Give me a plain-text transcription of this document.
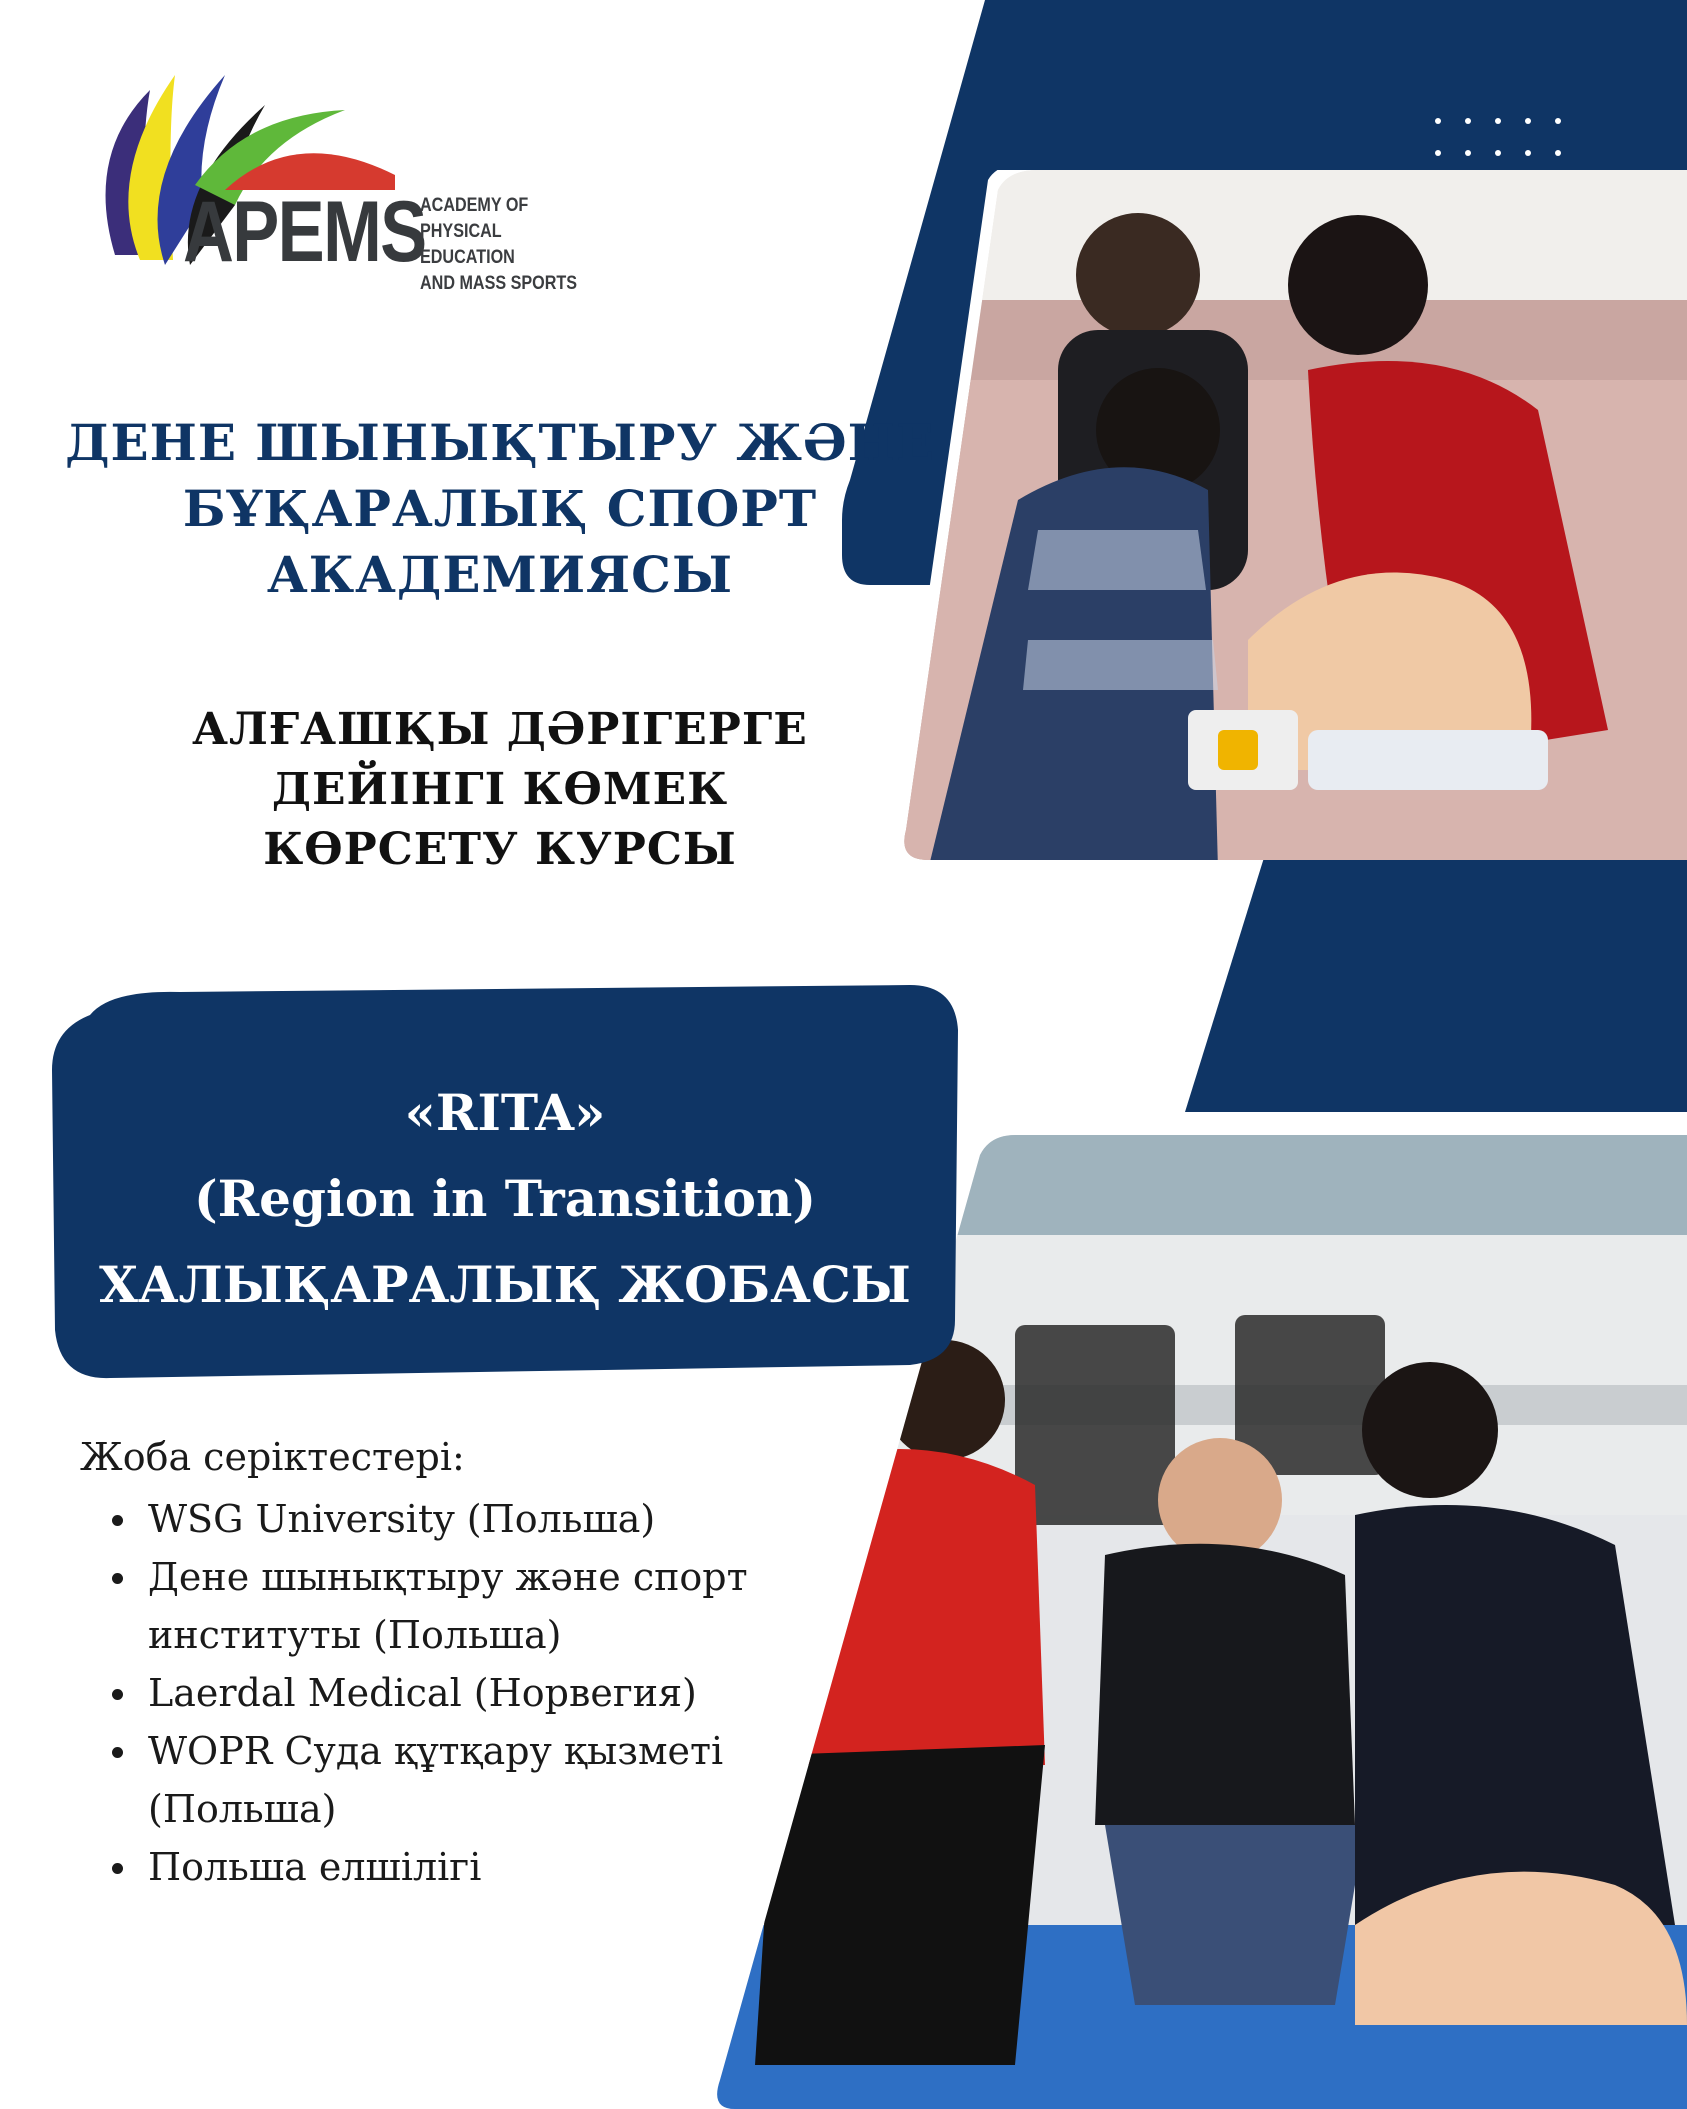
APEMS
ACADEMY OF
PHYSICAL EDUCATION
AND MASS SPORTS
ДЕНЕ ШЫНЫҚТЫРУ ЖӘНЕ
БҰҚАРАЛЫҚ СПОРТ
АКАДЕМИЯСЫ
АЛҒАШҚЫ ДӘРІГЕРГЕ
ДЕЙІНГІ КӨМЕК
КӨРСЕТУ КУРСЫ
«RITA»
(Region in Transition)
ХАЛЫҚАРАЛЫҚ ЖОБАСЫ
Жоба серіктестері:
WSG University (Польша)
Дене шынықтыру және спорт институты (Польша)
Laerdal Medical (Норвегия)
WOPR Суда құтқару қызметі (Польша)
Польша елшілігі
